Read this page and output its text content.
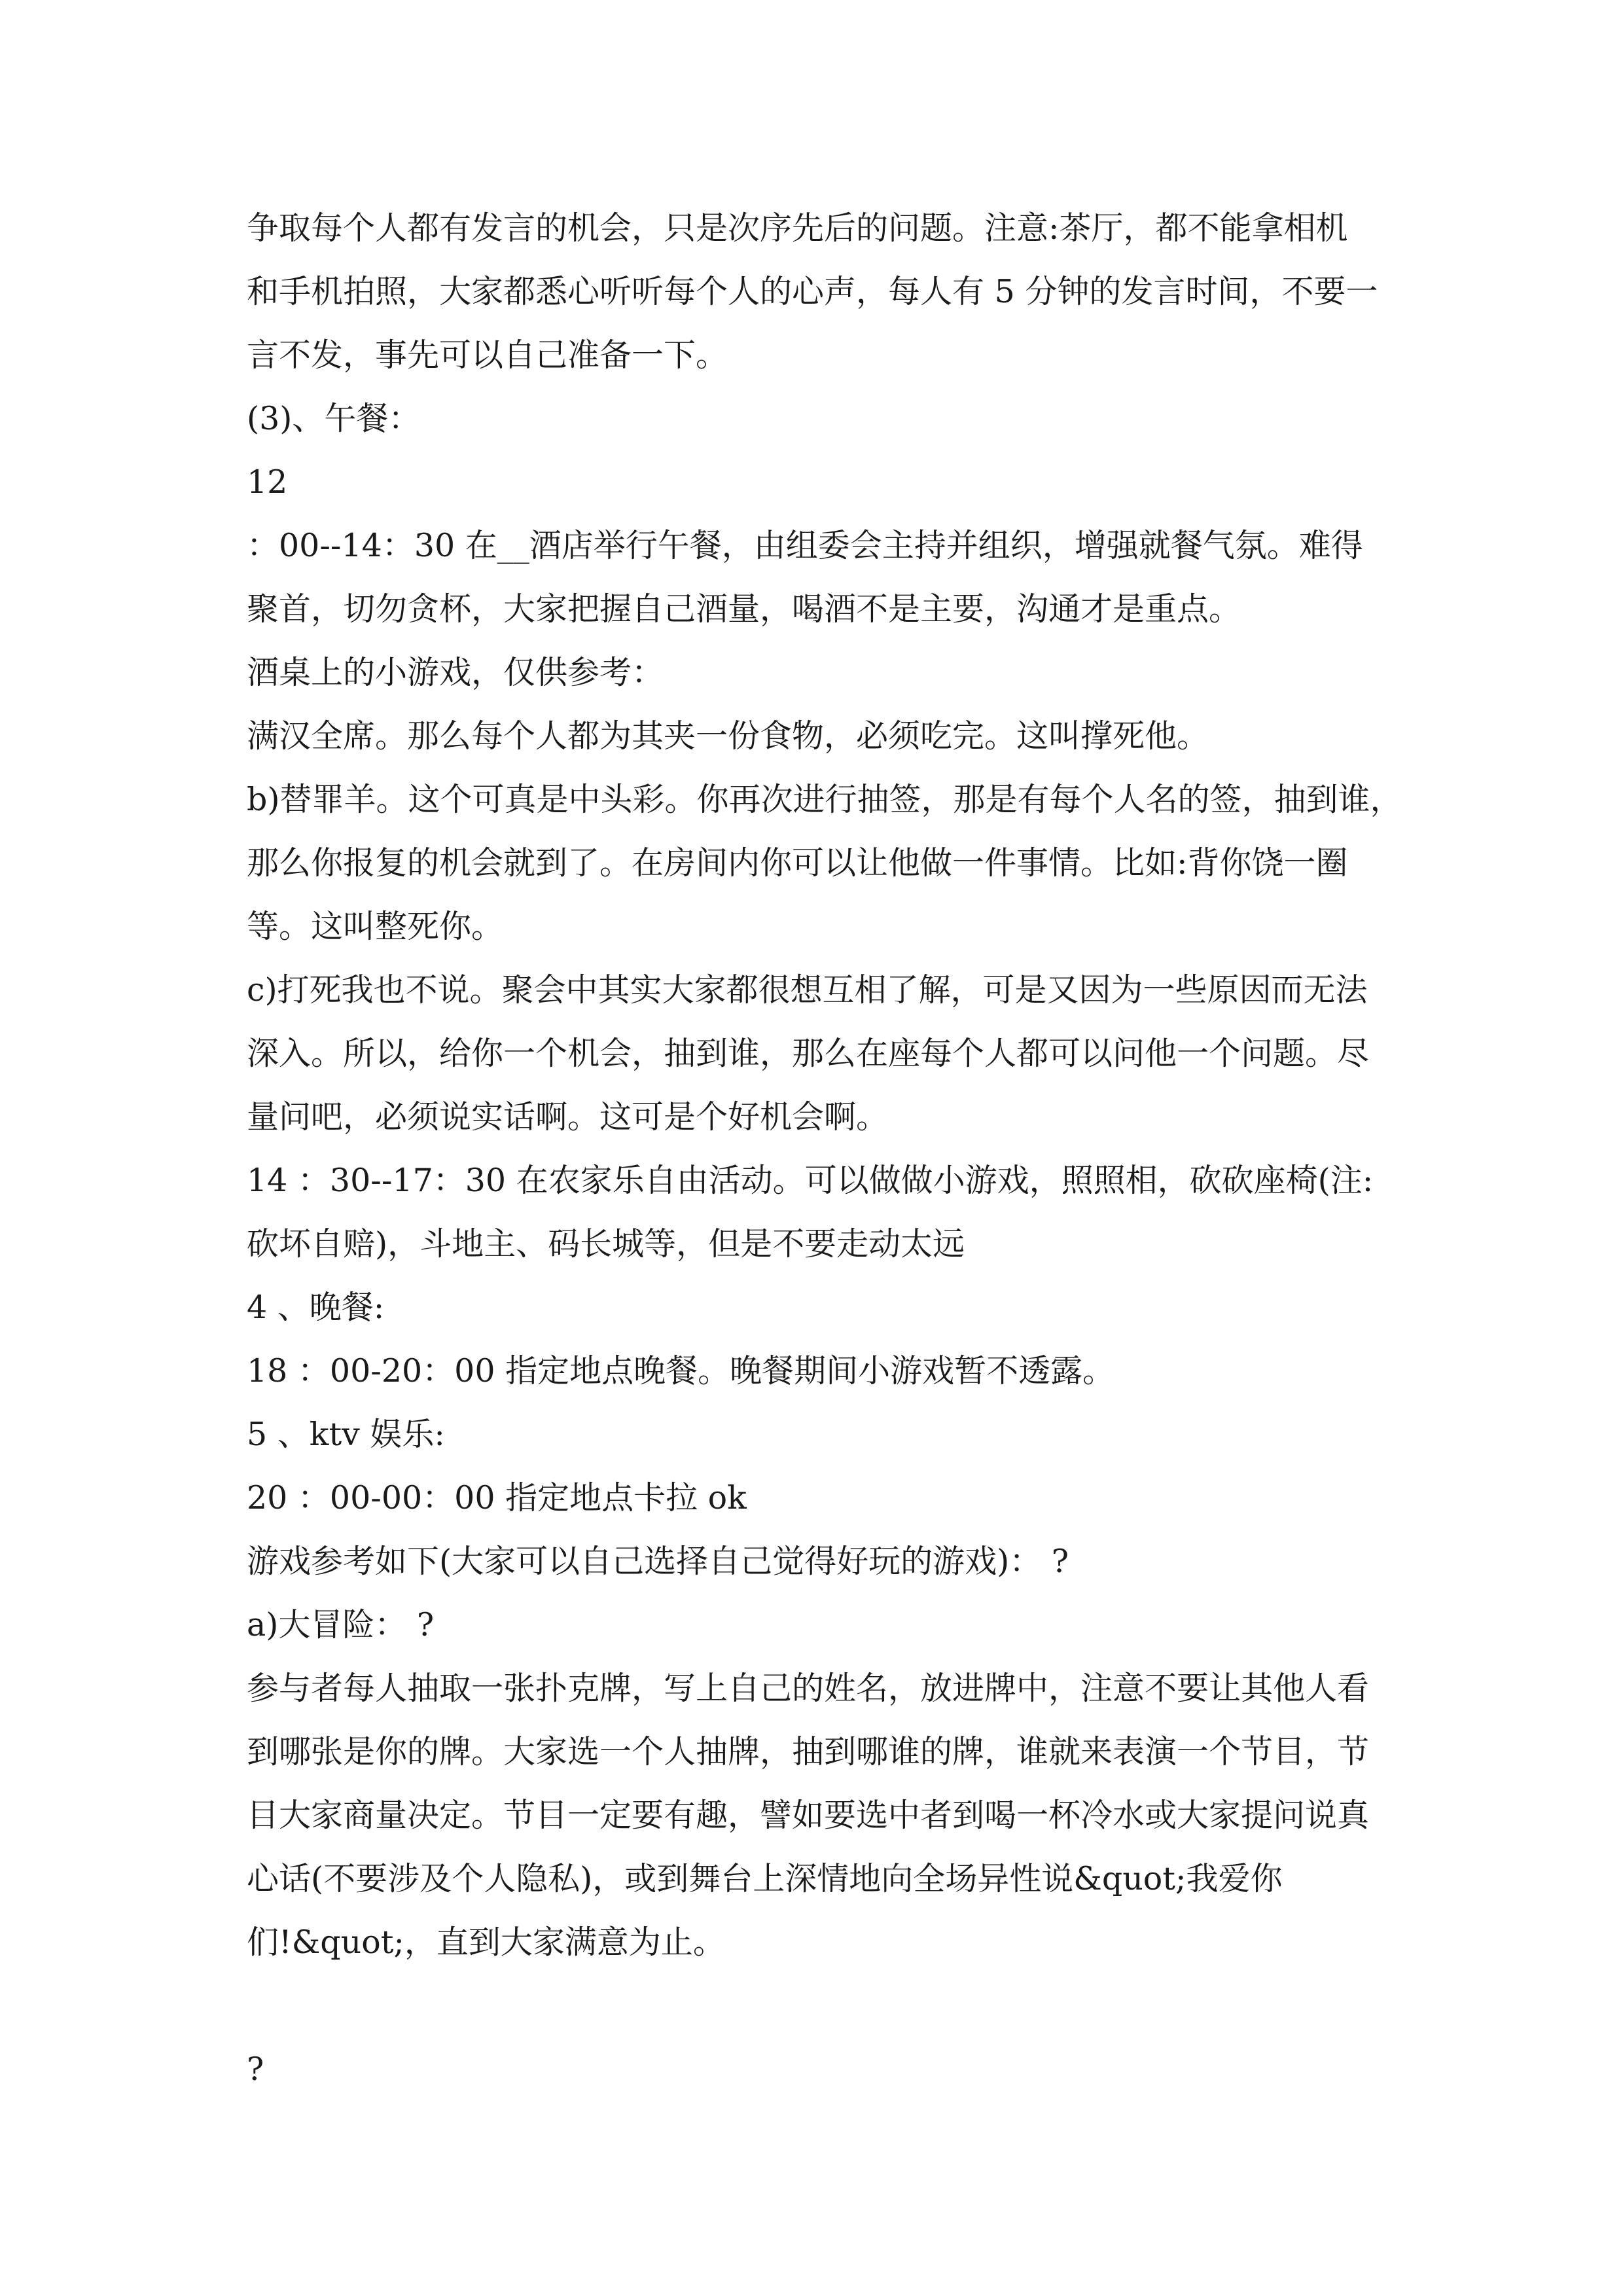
争取每个人都有发言的机会，只是次序先后的问题。注意:茶厅，都不能拿相机
和手机拍照，大家都悉心听听每个人的心声，每人有 5 分钟的发言时间，不要一
言不发，事先可以自己准备一下。
(3)、午餐：
12
：00--14：30 在__酒店举行午餐，由组委会主持并组织，增强就餐气氛。难得
聚首，切勿贪杯，大家把握自己酒量，喝酒不是主要，沟通才是重点。
酒桌上的小游戏，仅供参考：
满汉全席。那么每个人都为其夹一份食物，必须吃完。这叫撑死他。
b)替罪羊。这个可真是中头彩。你再次进行抽签，那是有每个人名的签，抽到谁，
那么你报复的机会就到了。在房间内你可以让他做一件事情。比如:背你饶一圈
等。这叫整死你。
c)打死我也不说。聚会中其实大家都很想互相了解，可是又因为一些原因而无法
深入。所以，给你一个机会，抽到谁，那么在座每个人都可以问他一个问题。尽
量问吧，必须说实话啊。这可是个好机会啊。
14 ：30--17：30 在农家乐自由活动。可以做做小游戏，照照相，砍砍座椅(注:
砍坏自赔)，斗地主、码长城等，但是不要走动太远
4 、晚餐:
18 ：00-20：00 指定地点晚餐。晚餐期间小游戏暂不透露。
5 、ktv 娱乐:
20 ：00-00：00 指定地点卡拉 ok
游戏参考如下(大家可以自己选择自己觉得好玩的游戏)： ?
a)大冒险： ?
参与者每人抽取一张扑克牌，写上自己的姓名，放进牌中，注意不要让其他人看
到哪张是你的牌。大家选一个人抽牌，抽到哪谁的牌，谁就来表演一个节目，节
目大家商量决定。节目一定要有趣，譬如要选中者到喝一杯冷水或大家提问说真
心话(不要涉及个人隐私)，或到舞台上深情地向全场异性说&quot;我爱你
们!&quot;，直到大家满意为止。
?
